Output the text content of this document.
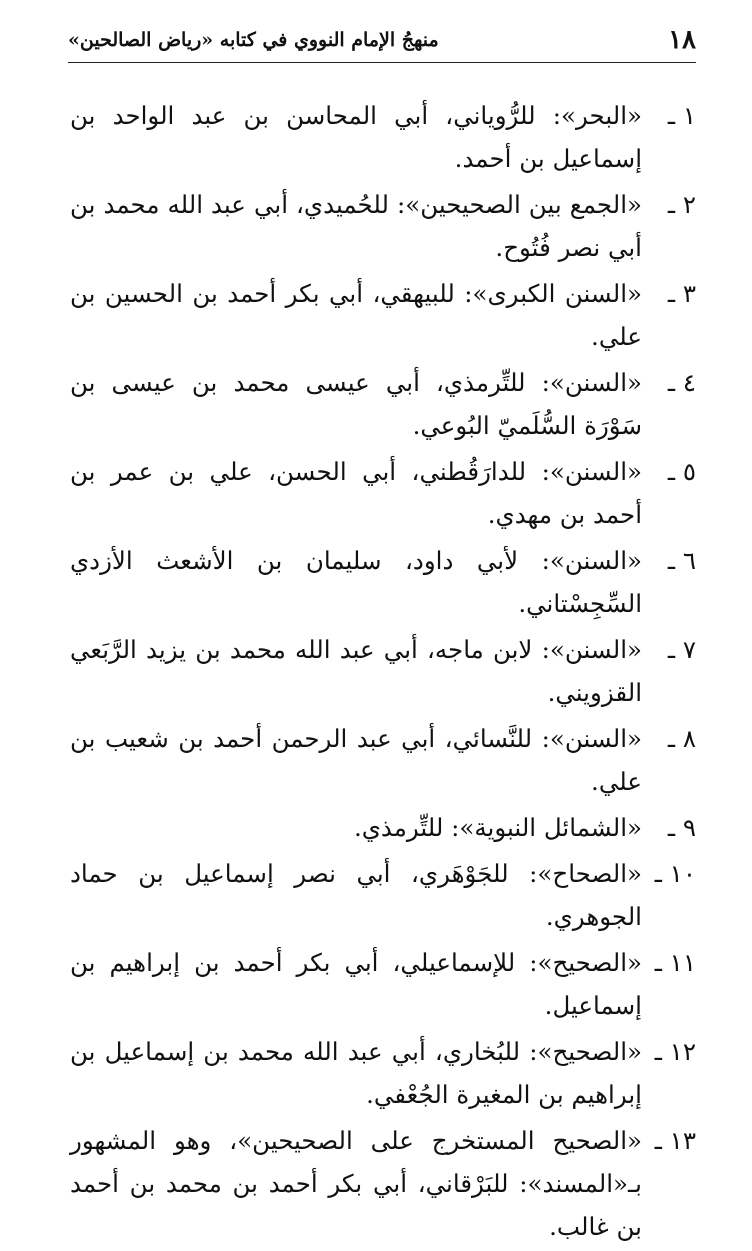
١٨
منهجُ الإمام النووي في كتابه «رياض الصالحين»
١ ـ
«البحر»: للرُّوياني، أبي المحاسن بن عبد الواحد بن إسماعيل بن أحمد.
٢ ـ
«الجمع بين الصحيحين»: للحُميدي، أبي عبد الله محمد بن أبي نصر فُتُوح.
٣ ـ
«السنن الكبرى»: للبيهقي، أبي بكر أحمد بن الحسين بن علي.
٤ ـ
«السنن»: للتِّرمذي، أبي عيسى محمد بن عيسى بن سَوْرَة السُّلَميّ البُوعي.
٥ ـ
«السنن»: للدارَقُطني، أبي الحسن، علي بن عمر بن أحمد بن مهدي.
٦ ـ
«السنن»: لأبي داود، سليمان بن الأشعث الأزدي السِّجِسْتاني.
٧ ـ
«السنن»: لابن ماجه، أبي عبد الله محمد بن يزيد الرَّبَعي القزويني.
٨ ـ
«السنن»: للنَّسائي، أبي عبد الرحمن أحمد بن شعيب بن علي.
٩ ـ
«الشمائل النبوية»: للتِّرمذي.
١٠ ـ
«الصحاح»: للجَوْهَري، أبي نصر إسماعيل بن حماد الجوهري.
١١ ـ
«الصحيح»: للإسماعيلي، أبي بكر أحمد بن إبراهيم بن إسماعيل.
١٢ ـ
«الصحيح»: للبُخاري، أبي عبد الله محمد بن إسماعيل بن إبراهيم بن المغيرة الجُعْفي.
١٣ ـ
«الصحيح المستخرج على الصحيحين»، وهو المشهور بـ«المسند»: للبَرْقاني، أبي بكر أحمد بن محمد بن أحمد بن غالب.
